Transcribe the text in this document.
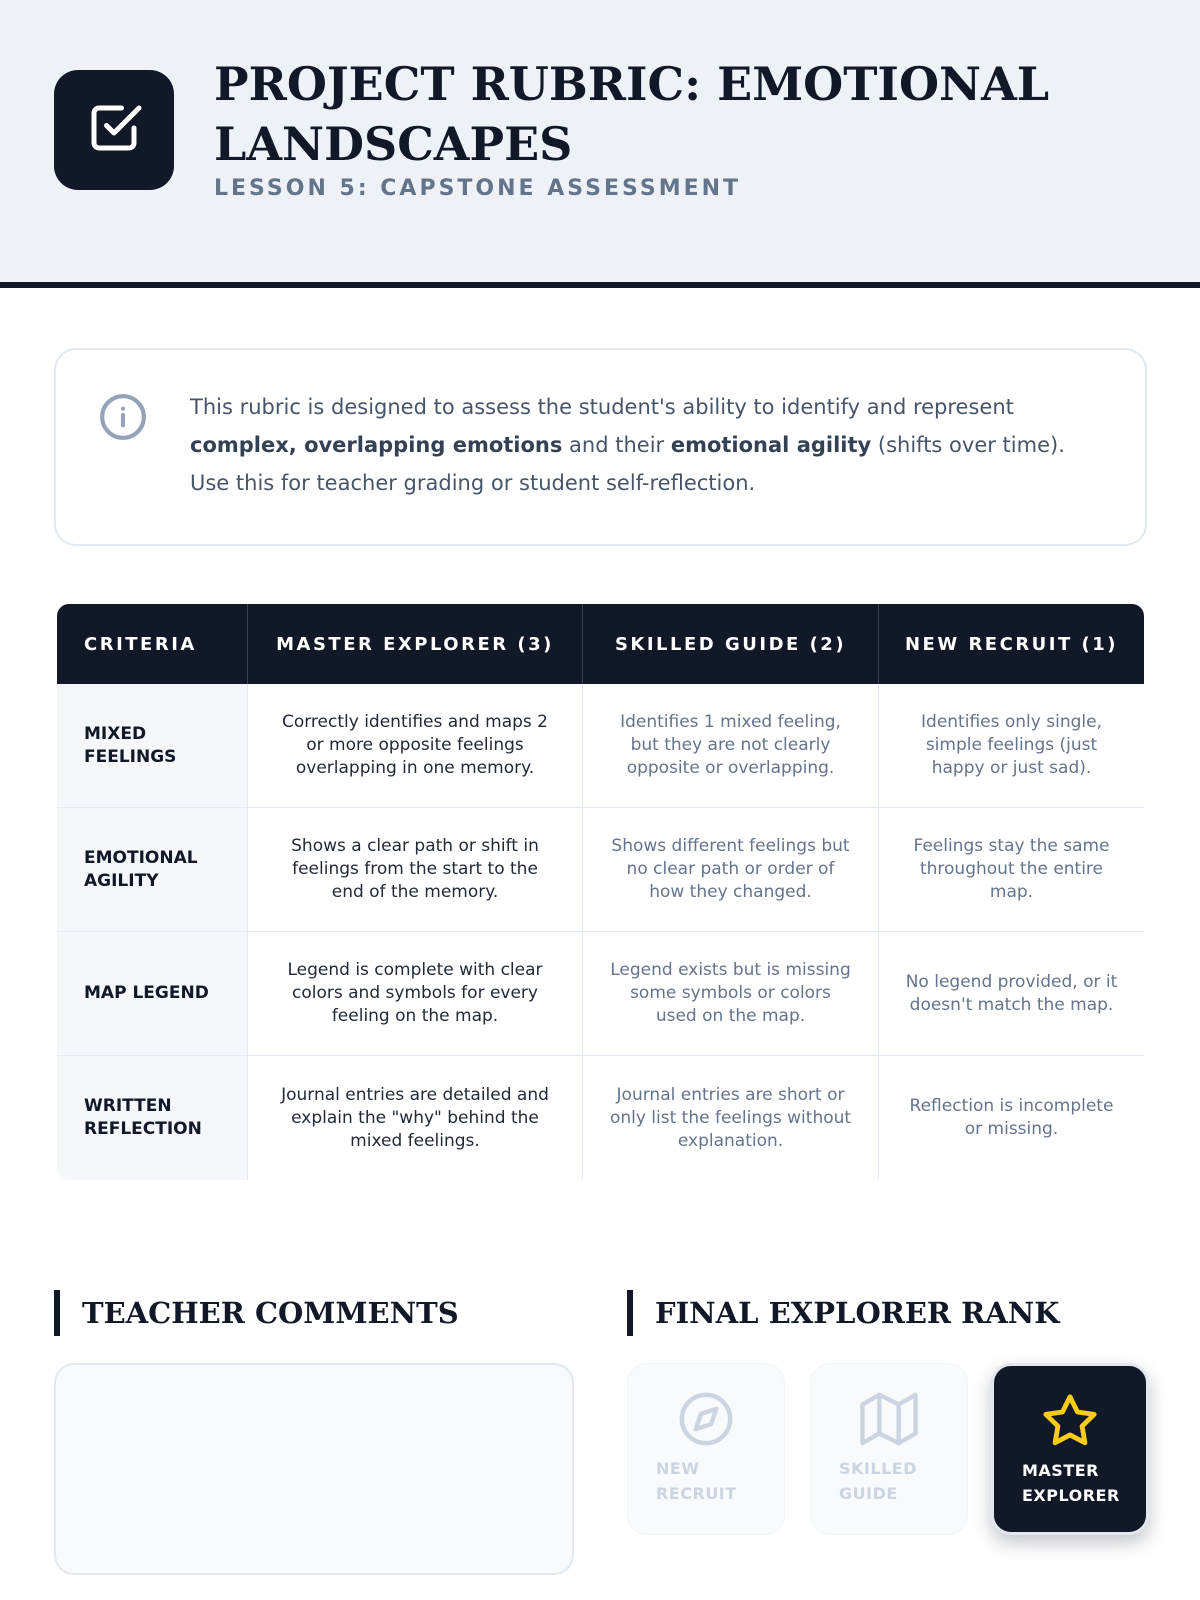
PROJECT RUBRIC: EMOTIONAL
LANDSCAPES
LESSON 5: CAPSTONE ASSESSMENT

This rubric is designed to assess the student's ability to identify and represent complex, overlapping emotions and their emotional agility (shifts over time). Use this for teacher grading or student self-reflection.

CRITERIA	MASTER EXPLORER (3)	SKILLED GUIDE (2)	NEW RECRUIT (1)
MIXED FEELINGS	Correctly identifies and maps 2 or more opposite feelings overlapping in one memory.	Identifies 1 mixed feeling, but they are not clearly opposite or overlapping.	Identifies only single, simple feelings (just happy or just sad).
EMOTIONAL AGILITY	Shows a clear path or shift in feelings from the start to the end of the memory.	Shows different feelings but no clear path or order of how they changed.	Feelings stay the same throughout the entire map.
MAP LEGEND	Legend is complete with clear colors and symbols for every feeling on the map.	Legend exists but is missing some symbols or colors used on the map.	No legend provided, or it doesn't match the map.
WRITTEN REFLECTION	Journal entries are detailed and explain the "why" behind the mixed feelings.	Journal entries are short or only list the feelings without explanation.	Reflection is incomplete or missing.
TEACHER COMMENTS	FINAL EXPLORER RANK
NEW RECRUIT
SKILLED GUIDE
MASTER EXPLORER
